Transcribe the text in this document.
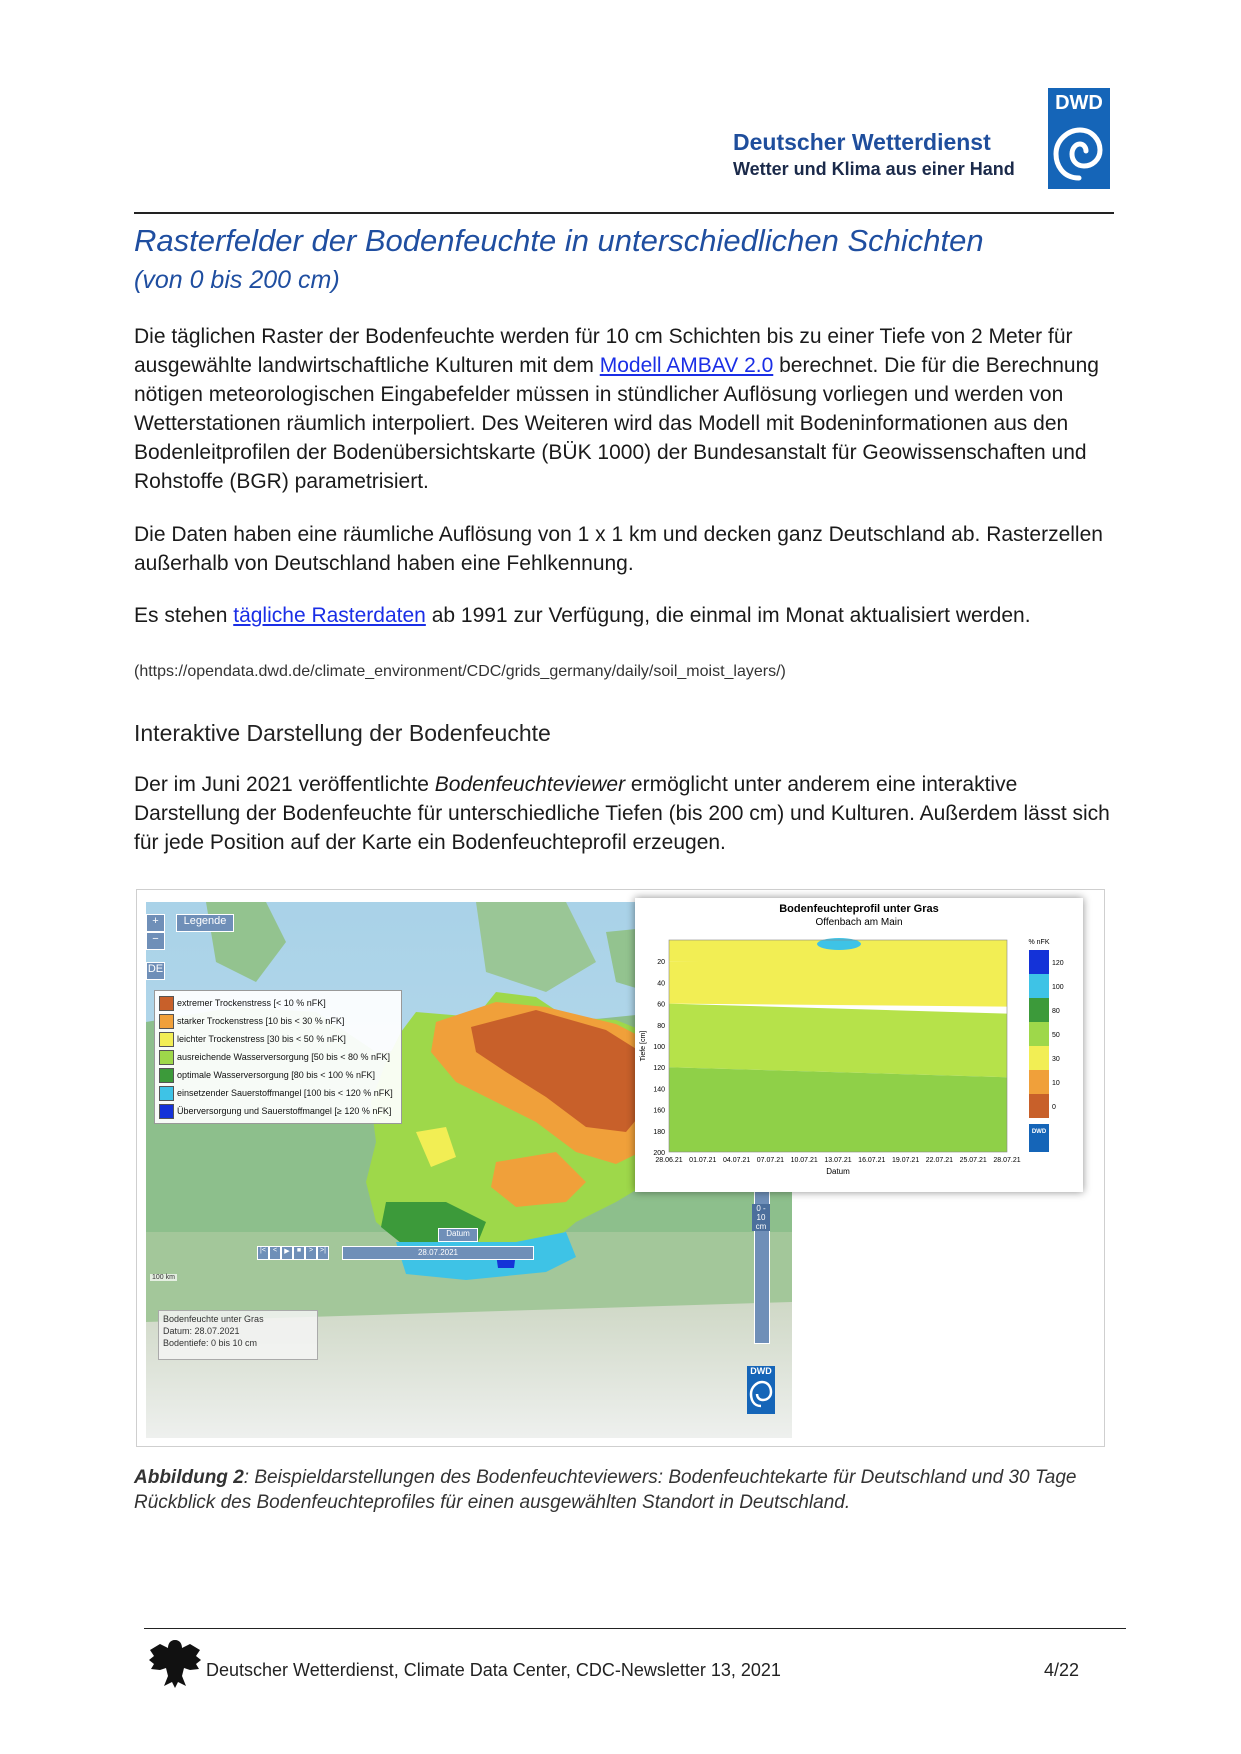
Deutscher Wetterdienst
Wetter und Klima aus einer Hand
DWD
Rasterfelder der Bodenfeuchte in unterschiedlichen Schichten
(von 0 bis 200 cm)
Die täglichen Raster der Bodenfeuchte werden für 10 cm Schichten bis zu einer Tiefe von 2 Meter für ausgewählte landwirtschaftliche Kulturen mit dem Modell AMBAV 2.0 berechnet. Die für die Berechnung nötigen meteorologischen Eingabefelder müssen in stündlicher Auflösung vorliegen und werden von Wetterstationen räumlich interpoliert. Des Weiteren wird das Modell mit Bodeninformationen aus den Bodenleitprofilen der Bodenübersichtskarte (BÜK 1000) der Bundesanstalt für Geowissenschaften und Rohstoffe (BGR) parametrisiert.
Die Daten haben eine räumliche Auflösung von 1 x 1 km und decken ganz Deutschland ab. Rasterzellen außerhalb von Deutschland haben eine Fehlkennung.
Es stehen tägliche Rasterdaten ab 1991 zur Verfügung, die einmal im Monat aktualisiert werden.
(https://opendata.dwd.de/climate_environment/CDC/grids_germany/daily/soil_moist_layers/)
Interaktive Darstellung der Bodenfeuchte
Der im Juni 2021 veröffentlichte Bodenfeuchteviewer ermöglicht unter anderem eine interaktive Darstellung der Bodenfeuchte für unterschiedliche Tiefen (bis 200 cm) und Kulturen. Außerdem lässt sich für jede Position auf der Karte ein Bodenfeuchteprofil erzeugen.
+
−
Legende
DE
0 - 10 cm
DWD
Datum
|<	<	▶	■	>	>|	28.07.2021
100 km
extremer Trockenstress [< 10 % nFK]
starker Trockenstress [10 bis < 30 % nFK]
leichter Trockenstress [30 bis < 50 % nFK]
ausreichende Wasserversorgung [50 bis < 80 % nFK]
optimale Wasserversorgung [80 bis < 100 % nFK]
einsetzender Sauerstoffmangel [100 bis < 120 % nFK]
Überversorgung und Sauerstoffmangel [≥ 120 % nFK]
Bodenfeuchte unter Gras
Datum: 28.07.2021
Bodentiefe: 0 bis 10 cm
Bodenfeuchteprofil unter Gras
Offenbach am Main
20
40
60
80
100
120
140
160
180
200
Tiefe [cm]
28.06.21 01.07.21 04.07.21 07.07.21 10.07.21 13.07.21 16.07.21 19.07.21 22.07.21 25.07.21 28.07.21
Datum
% nFK
120
100
80
50
30
10
0
DWD
Abbildung 2: Beispieldarstellungen des Bodenfeuchteviewers: Bodenfeuchtekarte für Deutschland und 30 Tage Rückblick des Bodenfeuchteprofiles für einen ausgewählten Standort in Deutschland.
Deutscher Wetterdienst, Climate Data Center, CDC-Newsletter 13, 2021	4/22
